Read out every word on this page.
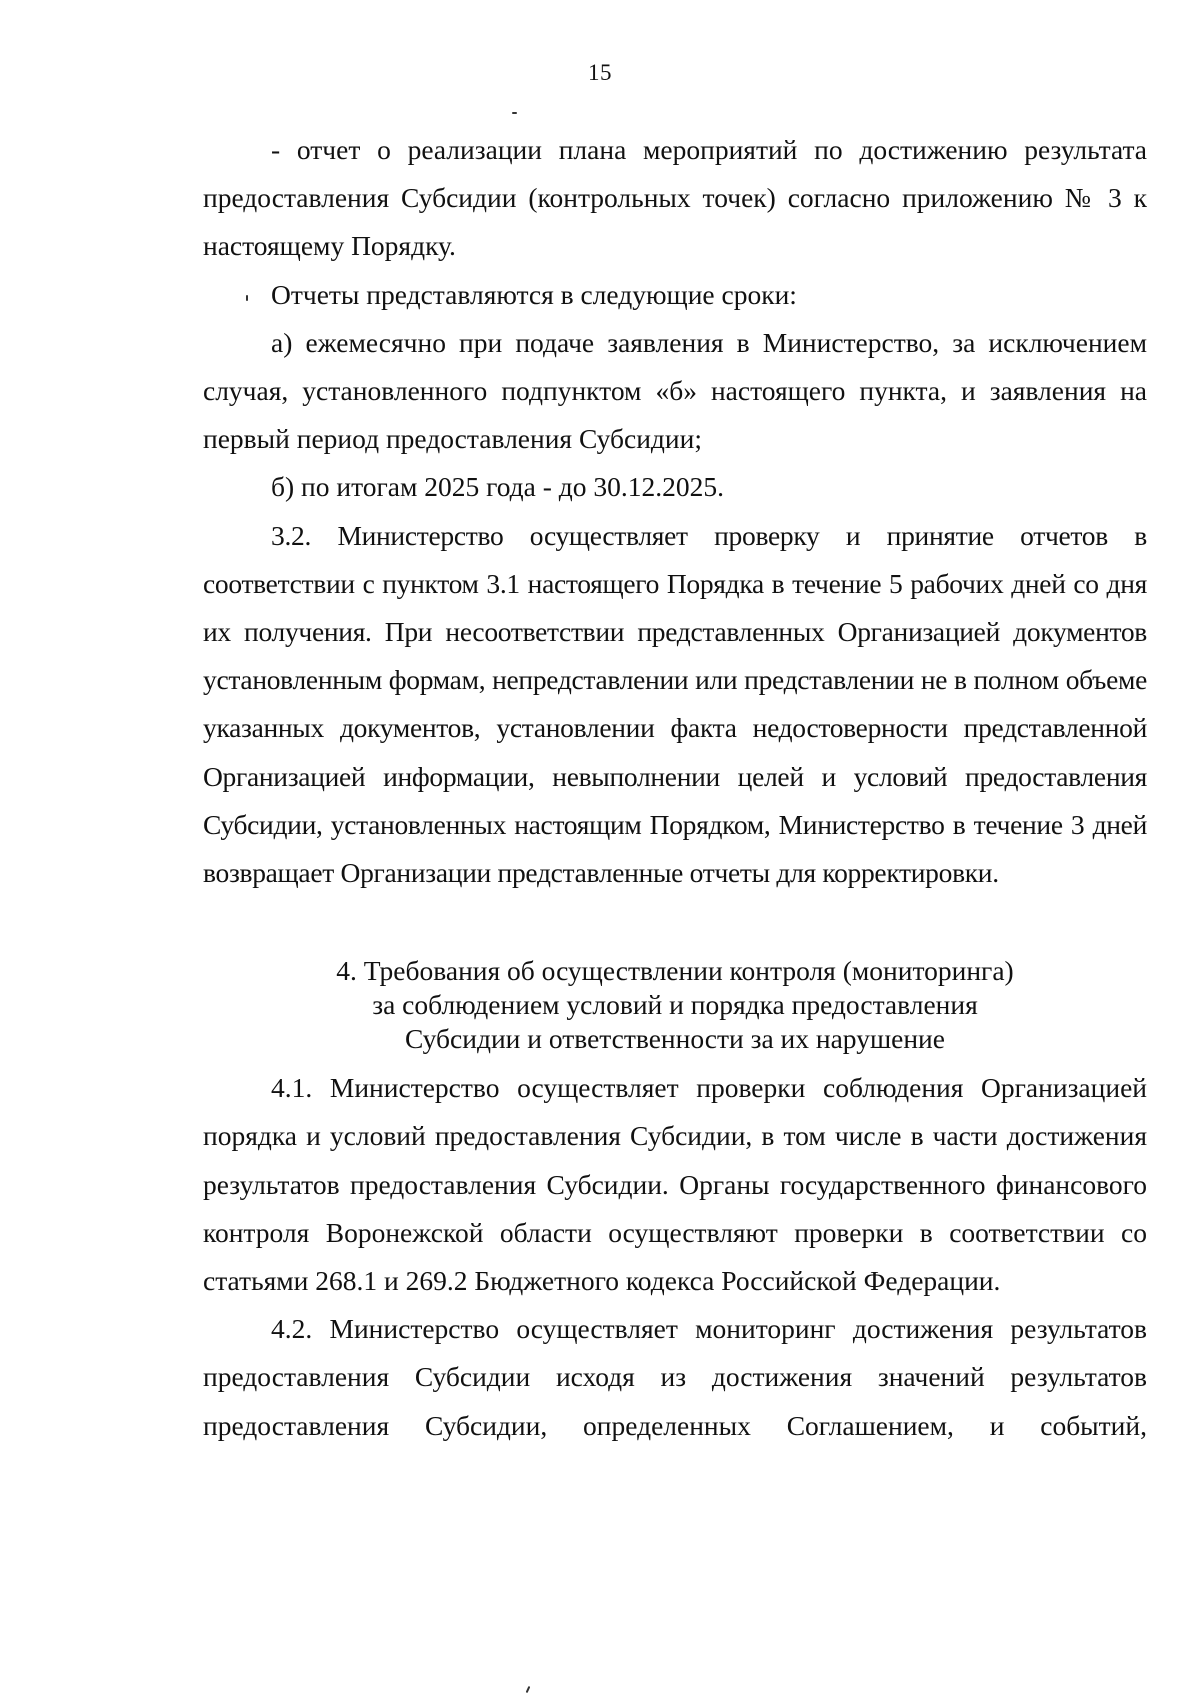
15

- отчет о реализации плана мероприятий по достижению результата предоставления Субсидии (контрольных точек) согласно приложению № 3 к настоящему Порядку.

Отчеты представляются в следующие сроки:

а) ежемесячно при подаче заявления в Министерство, за исключением случая, установленного подпунктом «б» настоящего пункта, и заявления на первый период предоставления Субсидии;

б) по итогам 2025 года - до 30.12.2025.

3.2. Министерство осуществляет проверку и принятие отчетов в соответствии с пунктом 3.1 настоящего Порядка в течение 5 рабочих дней со дня их получения. При несоответствии представленных Организацией документов установленным формам, непредставлении или представлении не в полном объеме указанных документов, установлении факта недостоверности представленной Организацией информации, невыполнении целей и условий предоставления Субсидии, установленных настоящим Порядком, Министерство в течение 3 дней возвращает Организации представленные отчеты для корректировки.

4. Требования об осуществлении контроля (мониторинга)
за соблюдением условий и порядка предоставления
Субсидии и ответственности за их нарушение

4.1. Министерство осуществляет проверки соблюдения Организацией порядка и условий предоставления Субсидии, в том числе в части достижения результатов предоставления Субсидии. Органы государственного финансового контроля Воронежской области осуществляют проверки в соответствии со статьями 268.1 и 269.2 Бюджетного кодекса Российской Федерации.

4.2. Министерство осуществляет мониторинг достижения результатов предоставления Субсидии исходя из достижения значений результатов предоставления Субсидии, определенных Соглашением, и событий,
